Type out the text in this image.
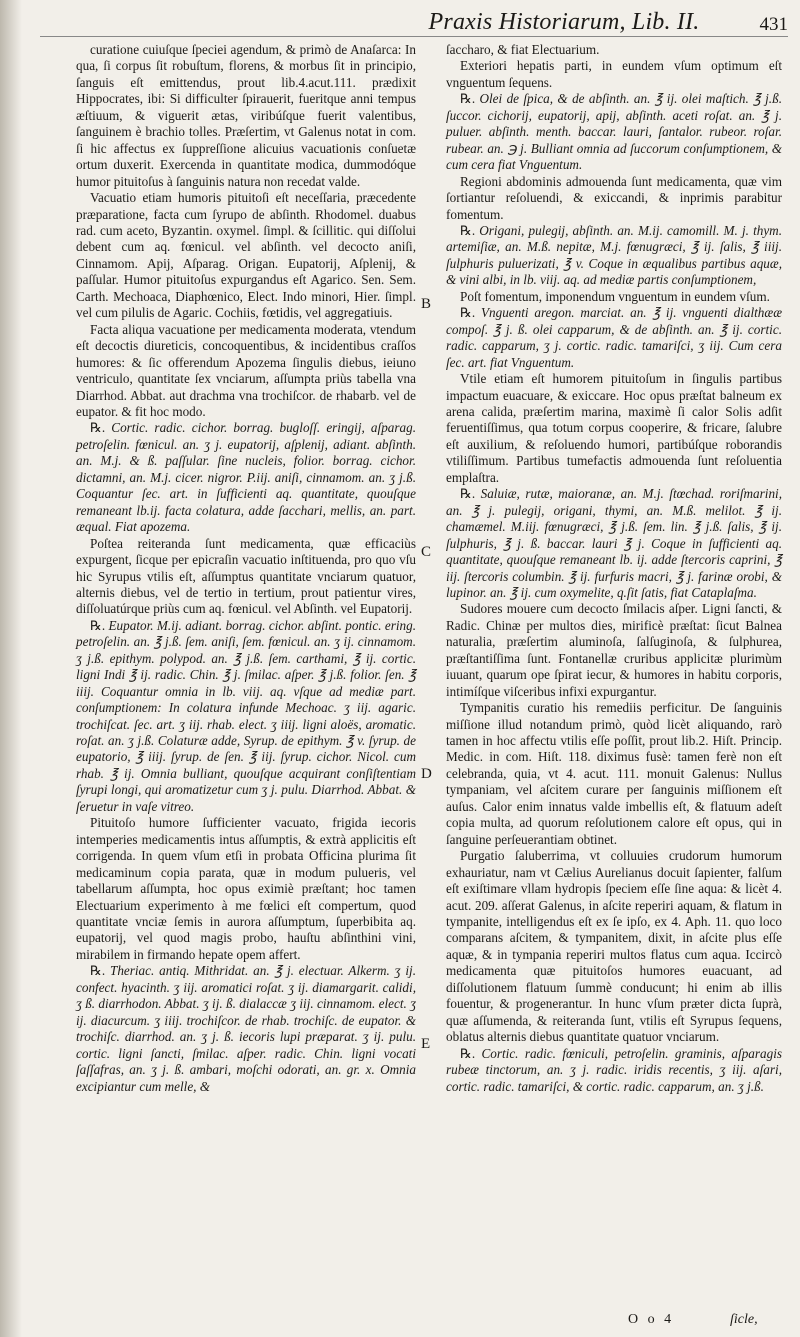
Praxis Historiarum, Lib. II.	431

curatione cuiuſque ſpeciei agendum, & primò de Anaſarca: In qua, ſi corpus ſit robuſtum, florens, & morbus ſit in principio, ſanguis eſt emittendus, prout lib.4.acut.111. prædixit Hippocrates, ibi: Si difficulter ſpirauerit, fueritque anni tempus æſtiuum, & viguerit ætas, viribúſque fuerit valentibus, ſanguinem è brachio tolles. Præſertim, vt Galenus notat in com. ſi hic affectus ex ſuppreſſione alicuius vacuationis conſuetæ ortum duxerit. Exercenda in quantitate modica, dummodóque humor pituitoſus à ſanguinis natura non recedat valde.

Vacuatio etiam humoris pituitoſi eſt neceſſaria, præcedente præparatione, facta cum ſyrupo de abſinth. Rhodomel. duabus rad. cum aceto, Byzantin. oxymel. ſimpl. & ſcillitic. qui diſſolui debent cum aq. fœnicul. vel abſinth. vel decocto aniſi, Cinnamom. Apij, Aſparag. Origan. Eupatorij, Aſplenij, & paſſular. Humor pituitoſus expurgandus eſt Agarico. Sen. Sem. Carth. Mechoaca, Diaphœnico, Elect. Indo minori, Hier. ſimpl. vel cum pilulis de Agaric. Cochiis, fœtidis, vel aggregatiuis.

Facta aliqua vacuatione per medicamenta moderata, vtendum eſt decoctis diureticis, concoquentibus, & incidentibus craſſos humores: & ſic offerendum Apozema ſingulis diebus, ieiuno ventriculo, quantitate ſex vnciarum, aſſumpta priùs tabella vna Diarrhod. Abbat. aut drachma vna trochiſcor. de rhabarb. vel de eupator. & fit hoc modo.

℞. Cortic. radic. cichor. borrag. bugloſſ. eringij, aſparag. petroſelin. fœnicul. an. ʒ j. eupatorij, aſplenij, adiant. abſinth. an. M.j. & ß. paſſular. ſine nucleis, folior. borrag. cichor. dictamni, an. M.j. cicer. nigror. P.iij. aniſi, cinnamom. an. ʒ j.ß. Coquantur ſec. art. in ſufficienti aq. quantitate, quouſque remaneant lb.ij. facta colatura, adde ſacchari, mellis, an. part. æqual. Fiat apozema.

Poſtea reiteranda ſunt medicamenta, quæ efficaciùs expurgent, ſicque per epicraſin vacuatio inſtituenda, pro quo vſu hic Syrupus vtilis eſt, aſſumptus quantitate vnciarum quatuor, alternis diebus, vel de tertio in tertium, prout patientur vires, diſſoluatúrque priùs cum aq. fœnicul. vel Abſinth. vel Eupatorij.

℞. Eupator. M.ij. adiant. borrag. cichor. abſint. pontic. ering. petroſelin. an. ℥ j.ß. ſem. aniſi, ſem. fœnicul. an. ʒ ij. cinnamom. ʒ j.ß. epithym. polypod. an. ℥ j.ß. ſem. carthami, ℥ ij. cortic. ligni Indi ℥ ij. radic. Chin. ℥ j. ſmilac. aſper. ℥ j.ß. folior. ſen. ℥ iiij. Coquantur omnia in lb. viij. aq. vſque ad mediæ part. conſumptionem: In colatura infunde Mechoac. ʒ iij. agaric. trochiſcat. ſec. art. ʒ iij. rhab. elect. ʒ iiij. ligni aloës, aromatic. roſat. an. ʒ j.ß. Colaturæ adde, Syrup. de epithym. ℥ v. ſyrup. de eupatorio, ℥ iiij. ſyrup. de ſen. ℥ iij. ſyrup. cichor. Nicol. cum rhab. ℥ ij. Omnia bulliant, quouſque acquirant conſiſtentiam ſyrupi longi, qui aromatizetur cum ʒ j. pulu. Diarrhod. Abbat. & ſeruetur in vaſe vitreo.

Pituitoſo humore ſufficienter vacuato, frigida iecoris intemperies medicamentis intus aſſumptis, & extrà applicitis eſt corrigenda. In quem vſum etſi in probata Officina plurima ſit medicaminum copia parata, quæ in modum pulueris, vel tabellarum aſſumpta, hoc opus eximiè præſtant; hoc tamen Electuarium experimento à me fœlici eſt compertum, quod quantitate vnciæ ſemis in aurora aſſumptum, ſuperbibita aq. eupatorij, vel quod magis probo, hauſtu abſinthini vini, mirabilem in firmando hepate opem affert.

℞. Theriac. antiq. Mithridat. an. ℥ j. electuar. Alkerm. ʒ ij. confect. hyacinth. ʒ iij. aromatici roſat. ʒ ij. diamargarit. calidi, ʒ ß. diarrhodon. Abbat. ʒ ij. ß. dialaccæ ʒ iij. cinnamom. elect. ʒ ij. diacurcum. ʒ iiij. trochiſcor. de rhab. trochiſc. de eupator. & trochiſc. diarrhod. an. ʒ j. ß. iecoris lupi præparat. ʒ ij. pulu. cortic. ligni ſancti, ſmilac. aſper. radic. Chin. ligni vocati ſaſſafras, an. ʒ j. ß. ambari, moſchi odorati, an. gr. x. Omnia excipiantur cum melle, &

B
C
D
E

ſaccharo, & fiat Electuarium.

Exteriori hepatis parti, in eundem vſum optimum eſt vnguentum ſequens.

℞. Olei de ſpica, & de abſinth. an. ℥ ij. olei maſtich. ℥ j.ß. ſuccor. cichorij, eupatorij, apij, abſinth. aceti roſat. an. ℥ j. puluer. abſinth. menth. baccar. lauri, ſantalor. rubeor. roſar. rubear. an. ℈ j. Bulliant omnia ad ſuccorum conſumptionem, & cum cera fiat Vnguentum.

Regioni abdominis admouenda ſunt medicamenta, quæ vim ſortiantur reſoluendi, & exiccandi, & inprimis parabitur fomentum.

℞. Origani, pulegij, abſinth. an. M.ij. camomill. M. j. thym. artemiſiæ, an. M.ß. nepitæ, M.j. fœnugræci, ℥ ij. ſalis, ℥ iiij. ſulphuris puluerizati, ℥ v. Coque in æqualibus partibus aquæ, & vini albi, in lb. viij. aq. ad mediæ partis conſumptionem,

Poſt fomentum, imponendum vnguentum in eundem vſum.

℞. Vnguenti aregon. marciat. an. ℥ ij. vnguenti dialthææ compoſ. ℥ j. ß. olei capparum, & de abſinth. an. ℥ ij. cortic. radic. capparum, ʒ j. cortic. radic. tamariſci, ʒ iij. Cum cera ſec. art. fiat Vnguentum.

Vtile etiam eſt humorem pituitoſum in ſingulis partibus impactum euacuare, & exiccare. Hoc opus præſtat balneum ex arena calida, præſertim marina, maximè ſi calor Solis adſit feruentiſſimus, qua totum corpus cooperire, & fricare, ſalubre eſt auxilium, & reſoluendo humori, partibúſque roborandis vtiliſſimum. Partibus tumefactis admouenda ſunt reſoluentia emplaſtra.

℞. Saluiæ, rutæ, maioranæ, an. M.j. ſtœchad. roriſmarini, an. ℥ j. pulegij, origani, thymi, an. M.ß. melilot. ℥ ij. chamæmel. M.iij. fœnugræci, ℥ j.ß. ſem. lin. ℥ j.ß. ſalis, ℥ ij. ſulphuris, ℥ j. ß. baccar. lauri ℥ j. Coque in ſufficienti aq. quantitate, quouſque remaneant lb. ij. adde ſtercoris caprini, ℥ iij. ſtercoris columbin. ℥ ij. furfuris macri, ℥ j. farinæ orobi, & lupinor. an. ℥ ij. cum oxymelite, q.ſit ſatis, fiat Cataplaſma.

Sudores mouere cum decocto ſmilacis aſper. Ligni ſancti, & Radic. Chinæ per multos dies, mirificè præſtat: ſicut Balnea naturalia, præſertim aluminoſa, ſalſuginoſa, & ſulphurea, præſtantiſſima ſunt. Fontanellæ cruribus applicitæ plurimùm iuuant, quarum ope ſpirat iecur, & humores in habitu corporis, intimíſque viſceribus infixi expurgantur.

Tympanitis curatio his remediis perficitur. De ſanguinis miſſione illud notandum primò, quòd licèt aliquando, rarò tamen in hoc affectu vtilis eſſe poſſit, prout lib.2. Hiſt. Princip. Medic. in com. Hiſt. 118. diximus fusè: tamen ferè non eſt celebranda, quia, vt 4. acut. 111. monuit Galenus: Nullus tympaniam, vel aſcitem curare per ſanguinis miſſionem eſt auſus. Calor enim innatus valde imbellis eſt, & flatuum adeſt copia multa, ad quorum reſolutionem calore eſt opus, qui in ſanguine perſeuerantiam obtinet.

Purgatio ſaluberrima, vt colluuies crudorum humorum exhauriatur, nam vt Cælius Aurelianus docuit ſapienter, falſum eſt exiſtimare vllam hydropis ſpeciem eſſe ſine aqua: & licèt 4. acut. 209. aſſerat Galenus, in aſcite reperiri aquam, & flatum in tympanite, intelligendus eſt ex ſe ipſo, ex 4. Aph. 11. quo loco comparans aſcitem, & tympanitem, dixit, in aſcite plus eſſe aquæ, & in tympania reperiri multos flatus cum aqua. Iccircò medicamenta quæ pituitoſos humores euacuant, ad diſſolutionem flatuum ſummè conducunt; hi enim ab illis fouentur, & progenerantur. In hunc vſum præter dicta ſuprà, quæ aſſumenda, & reiteranda ſunt, vtilis eſt Syrupus ſequens, oblatus alternis diebus quantitate quatuor vnciarum.

℞. Cortic. radic. fœniculi, petroſelin. graminis, aſparagis rubeæ tinctorum, an. ʒ j. radic. iridis recentis, ʒ iij. aſari, cortic. radic. tamariſci, & cortic. radic. capparum, an. ʒ j.ß.

O o 4	ſicle,
